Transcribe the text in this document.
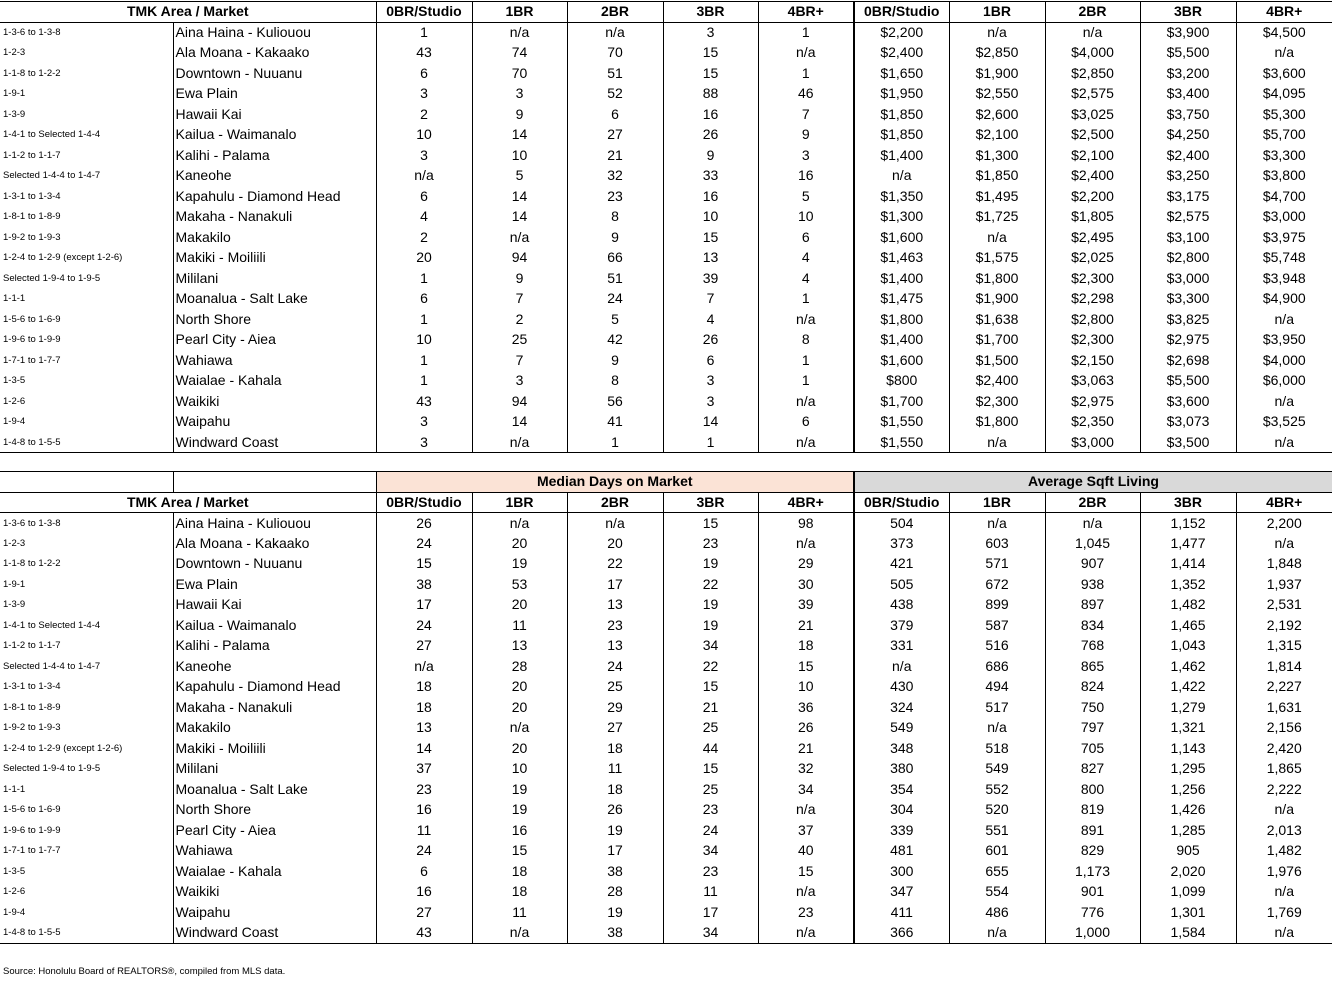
TMK Area / Market		0BR/Studio	1BR	2BR	3BR	4BR+	0BR/Studio	1BR	2BR	3BR	4BR+
1-3-6 to 1-3-8	Aina Haina - Kuliouou	1	n/a	n/a	3	1	$2,200	n/a	n/a	$3,900	$4,500
1-2-3	Ala Moana - Kakaako	43	74	70	15	n/a	$2,400	$2,850	$4,000	$5,500	n/a
1-1-8 to 1-2-2	Downtown - Nuuanu	6	70	51	15	1	$1,650	$1,900	$2,850	$3,200	$3,600
1-9-1	Ewa Plain	3	3	52	88	46	$1,950	$2,550	$2,575	$3,400	$4,095
1-3-9	Hawaii Kai	2	9	6	16	7	$1,850	$2,600	$3,025	$3,750	$5,300
1-4-1 to Selected 1-4-4	Kailua - Waimanalo	10	14	27	26	9	$1,850	$2,100	$2,500	$4,250	$5,700
1-1-2 to 1-1-7	Kalihi - Palama	3	10	21	9	3	$1,400	$1,300	$2,100	$2,400	$3,300
Selected 1-4-4 to 1-4-7	Kaneohe	n/a	5	32	33	16	n/a	$1,850	$2,400	$3,250	$3,800
1-3-1 to 1-3-4	Kapahulu - Diamond Head	6	14	23	16	5	$1,350	$1,495	$2,200	$3,175	$4,700
1-8-1 to 1-8-9	Makaha - Nanakuli	4	14	8	10	10	$1,300	$1,725	$1,805	$2,575	$3,000
1-9-2 to 1-9-3	Makakilo	2	n/a	9	15	6	$1,600	n/a	$2,495	$3,100	$3,975
1-2-4 to 1-2-9 (except 1-2-6)	Makiki - Moiliili	20	94	66	13	4	$1,463	$1,575	$2,025	$2,800	$5,748
Selected 1-9-4 to 1-9-5	Mililani	1	9	51	39	4	$1,400	$1,800	$2,300	$3,000	$3,948
1-1-1	Moanalua - Salt Lake	6	7	24	7	1	$1,475	$1,900	$2,298	$3,300	$4,900
1-5-6 to 1-6-9	North Shore	1	2	5	4	n/a	$1,800	$1,638	$2,800	$3,825	n/a
1-9-6 to 1-9-9	Pearl City - Aiea	10	25	42	26	8	$1,400	$1,700	$2,300	$2,975	$3,950
1-7-1 to 1-7-7	Wahiawa	1	7	9	6	1	$1,600	$1,500	$2,150	$2,698	$4,000
1-3-5	Waialae - Kahala	1	3	8	3	1	$800	$2,400	$3,063	$5,500	$6,000
1-2-6	Waikiki	43	94	56	3	n/a	$1,700	$2,300	$2,975	$3,600	n/a
1-9-4	Waipahu	3	14	41	14	6	$1,550	$1,800	$2,350	$3,073	$3,525
1-4-8 to 1-5-5	Windward Coast	3	n/a	1	1	n/a	$1,550	n/a	$3,000	$3,500	n/a
		Median Days on Market					Average Sqft Living				
TMK Area / Market		0BR/Studio	1BR	2BR	3BR	4BR+	0BR/Studio	1BR	2BR	3BR	4BR+
1-3-6 to 1-3-8	Aina Haina - Kuliouou	26	n/a	n/a	15	98	504	n/a	n/a	1,152	2,200
1-2-3	Ala Moana - Kakaako	24	20	20	23	n/a	373	603	1,045	1,477	n/a
1-1-8 to 1-2-2	Downtown - Nuuanu	15	19	22	19	29	421	571	907	1,414	1,848
1-9-1	Ewa Plain	38	53	17	22	30	505	672	938	1,352	1,937
1-3-9	Hawaii Kai	17	20	13	19	39	438	899	897	1,482	2,531
1-4-1 to Selected 1-4-4	Kailua - Waimanalo	24	11	23	19	21	379	587	834	1,465	2,192
1-1-2 to 1-1-7	Kalihi - Palama	27	13	13	34	18	331	516	768	1,043	1,315
Selected 1-4-4 to 1-4-7	Kaneohe	n/a	28	24	22	15	n/a	686	865	1,462	1,814
1-3-1 to 1-3-4	Kapahulu - Diamond Head	18	20	25	15	10	430	494	824	1,422	2,227
1-8-1 to 1-8-9	Makaha - Nanakuli	18	20	29	21	36	324	517	750	1,279	1,631
1-9-2 to 1-9-3	Makakilo	13	n/a	27	25	26	549	n/a	797	1,321	2,156
1-2-4 to 1-2-9 (except 1-2-6)	Makiki - Moiliili	14	20	18	44	21	348	518	705	1,143	2,420
Selected 1-9-4 to 1-9-5	Mililani	37	10	11	15	32	380	549	827	1,295	1,865
1-1-1	Moanalua - Salt Lake	23	19	18	25	34	354	552	800	1,256	2,222
1-5-6 to 1-6-9	North Shore	16	19	26	23	n/a	304	520	819	1,426	n/a
1-9-6 to 1-9-9	Pearl City - Aiea	11	16	19	24	37	339	551	891	1,285	2,013
1-7-1 to 1-7-7	Wahiawa	24	15	17	34	40	481	601	829	905	1,482
1-3-5	Waialae - Kahala	6	18	38	23	15	300	655	1,173	2,020	1,976
1-2-6	Waikiki	16	18	28	11	n/a	347	554	901	1,099	n/a
1-9-4	Waipahu	27	11	19	17	23	411	486	776	1,301	1,769
1-4-8 to 1-5-5	Windward Coast	43	n/a	38	34	n/a	366	n/a	1,000	1,584	n/a
Source: Honolulu Board of REALTORS®, compiled from MLS data.
